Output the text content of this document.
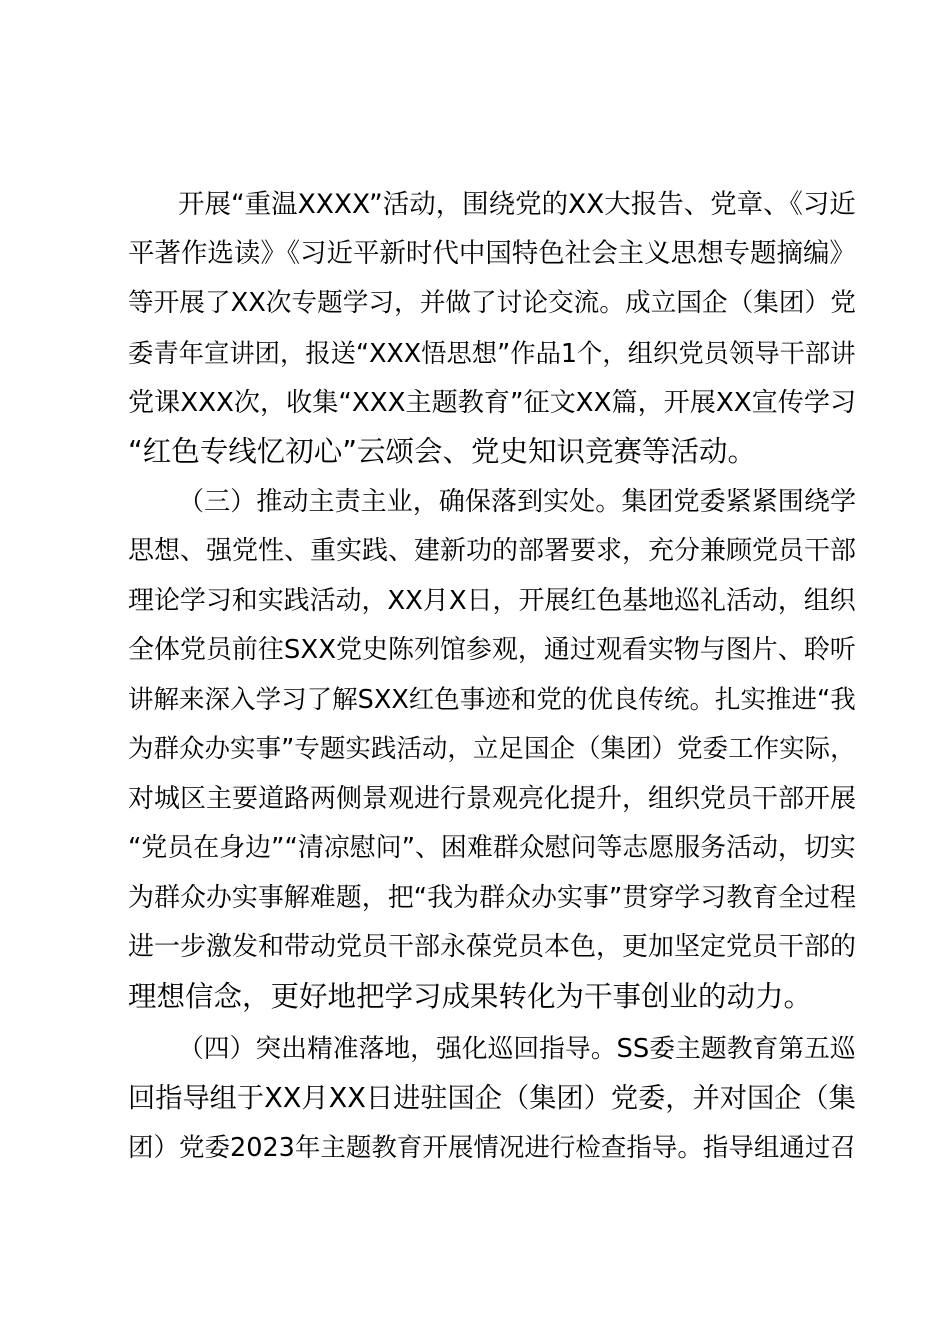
开展“重温XXXX”活动，围绕党的XX大报告、党章、《习近
平著作选读》《习近平新时代中国特色社会主义思想专题摘编》
等开展了XX次专题学习，并做了讨论交流。成立国企（集团）党
委青年宣讲团，报送“XXX悟思想”作品1个，组织党员领导干部讲
党课XXX次，收集“XXX主题教育”征文XX篇，开展XX宣传学习
“红色专线忆初心”云颂会、党史知识竞赛等活动。
（三）推动主责主业，确保落到实处。集团党委紧紧围绕学
思想、强党性、重实践、建新功的部署要求，充分兼顾党员干部
理论学习和实践活动，XX月X日，开展红色基地巡礼活动，组织
全体党员前往SXX党史陈列馆参观，通过观看实物与图片、聆听
讲解来深入学习了解SXX红色事迹和党的优良传统。扎实推进“我
为群众办实事”专题实践活动，立足国企（集团）党委工作实际，
对城区主要道路两侧景观进行景观亮化提升，组织党员干部开展
“党员在身边”“清凉慰问”、困难群众慰问等志愿服务活动，切实
为群众办实事解难题，把“我为群众办实事”贯穿学习教育全过程
进一步激发和带动党员干部永葆党员本色，更加坚定党员干部的
理想信念，更好地把学习成果转化为干事创业的动力。
（四）突出精准落地，强化巡回指导。SS委主题教育第五巡
回指导组于XX月XX日进驻国企（集团）党委，并对国企（集
团）党委2023年主题教育开展情况进行检查指导。指导组通过召
